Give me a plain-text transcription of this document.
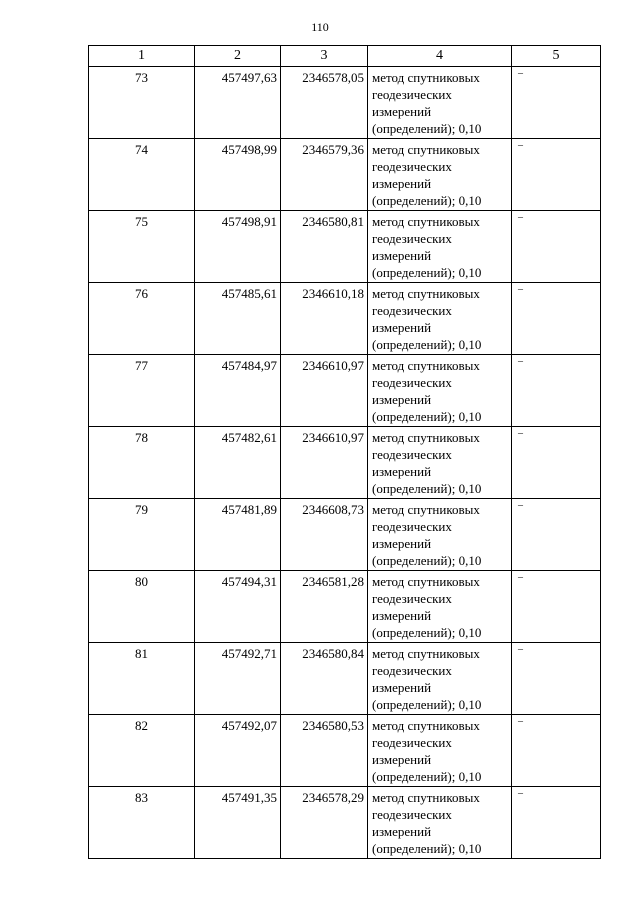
110
1	2	3	4	5
73	457497,63	2346578,05	метод спутниковых
геодезических
измерений
(определений); 0,10	–
74	457498,99	2346579,36	метод спутниковых
геодезических
измерений
(определений); 0,10	–
75	457498,91	2346580,81	метод спутниковых
геодезических
измерений
(определений); 0,10	–
76	457485,61	2346610,18	метод спутниковых
геодезических
измерений
(определений); 0,10	–
77	457484,97	2346610,97	метод спутниковых
геодезических
измерений
(определений); 0,10	–
78	457482,61	2346610,97	метод спутниковых
геодезических
измерений
(определений); 0,10	–
79	457481,89	2346608,73	метод спутниковых
геодезических
измерений
(определений); 0,10	–
80	457494,31	2346581,28	метод спутниковых
геодезических
измерений
(определений); 0,10	–
81	457492,71	2346580,84	метод спутниковых
геодезических
измерений
(определений); 0,10	–
82	457492,07	2346580,53	метод спутниковых
геодезических
измерений
(определений); 0,10	–
83	457491,35	2346578,29	метод спутниковых
геодезических
измерений
(определений); 0,10	–
